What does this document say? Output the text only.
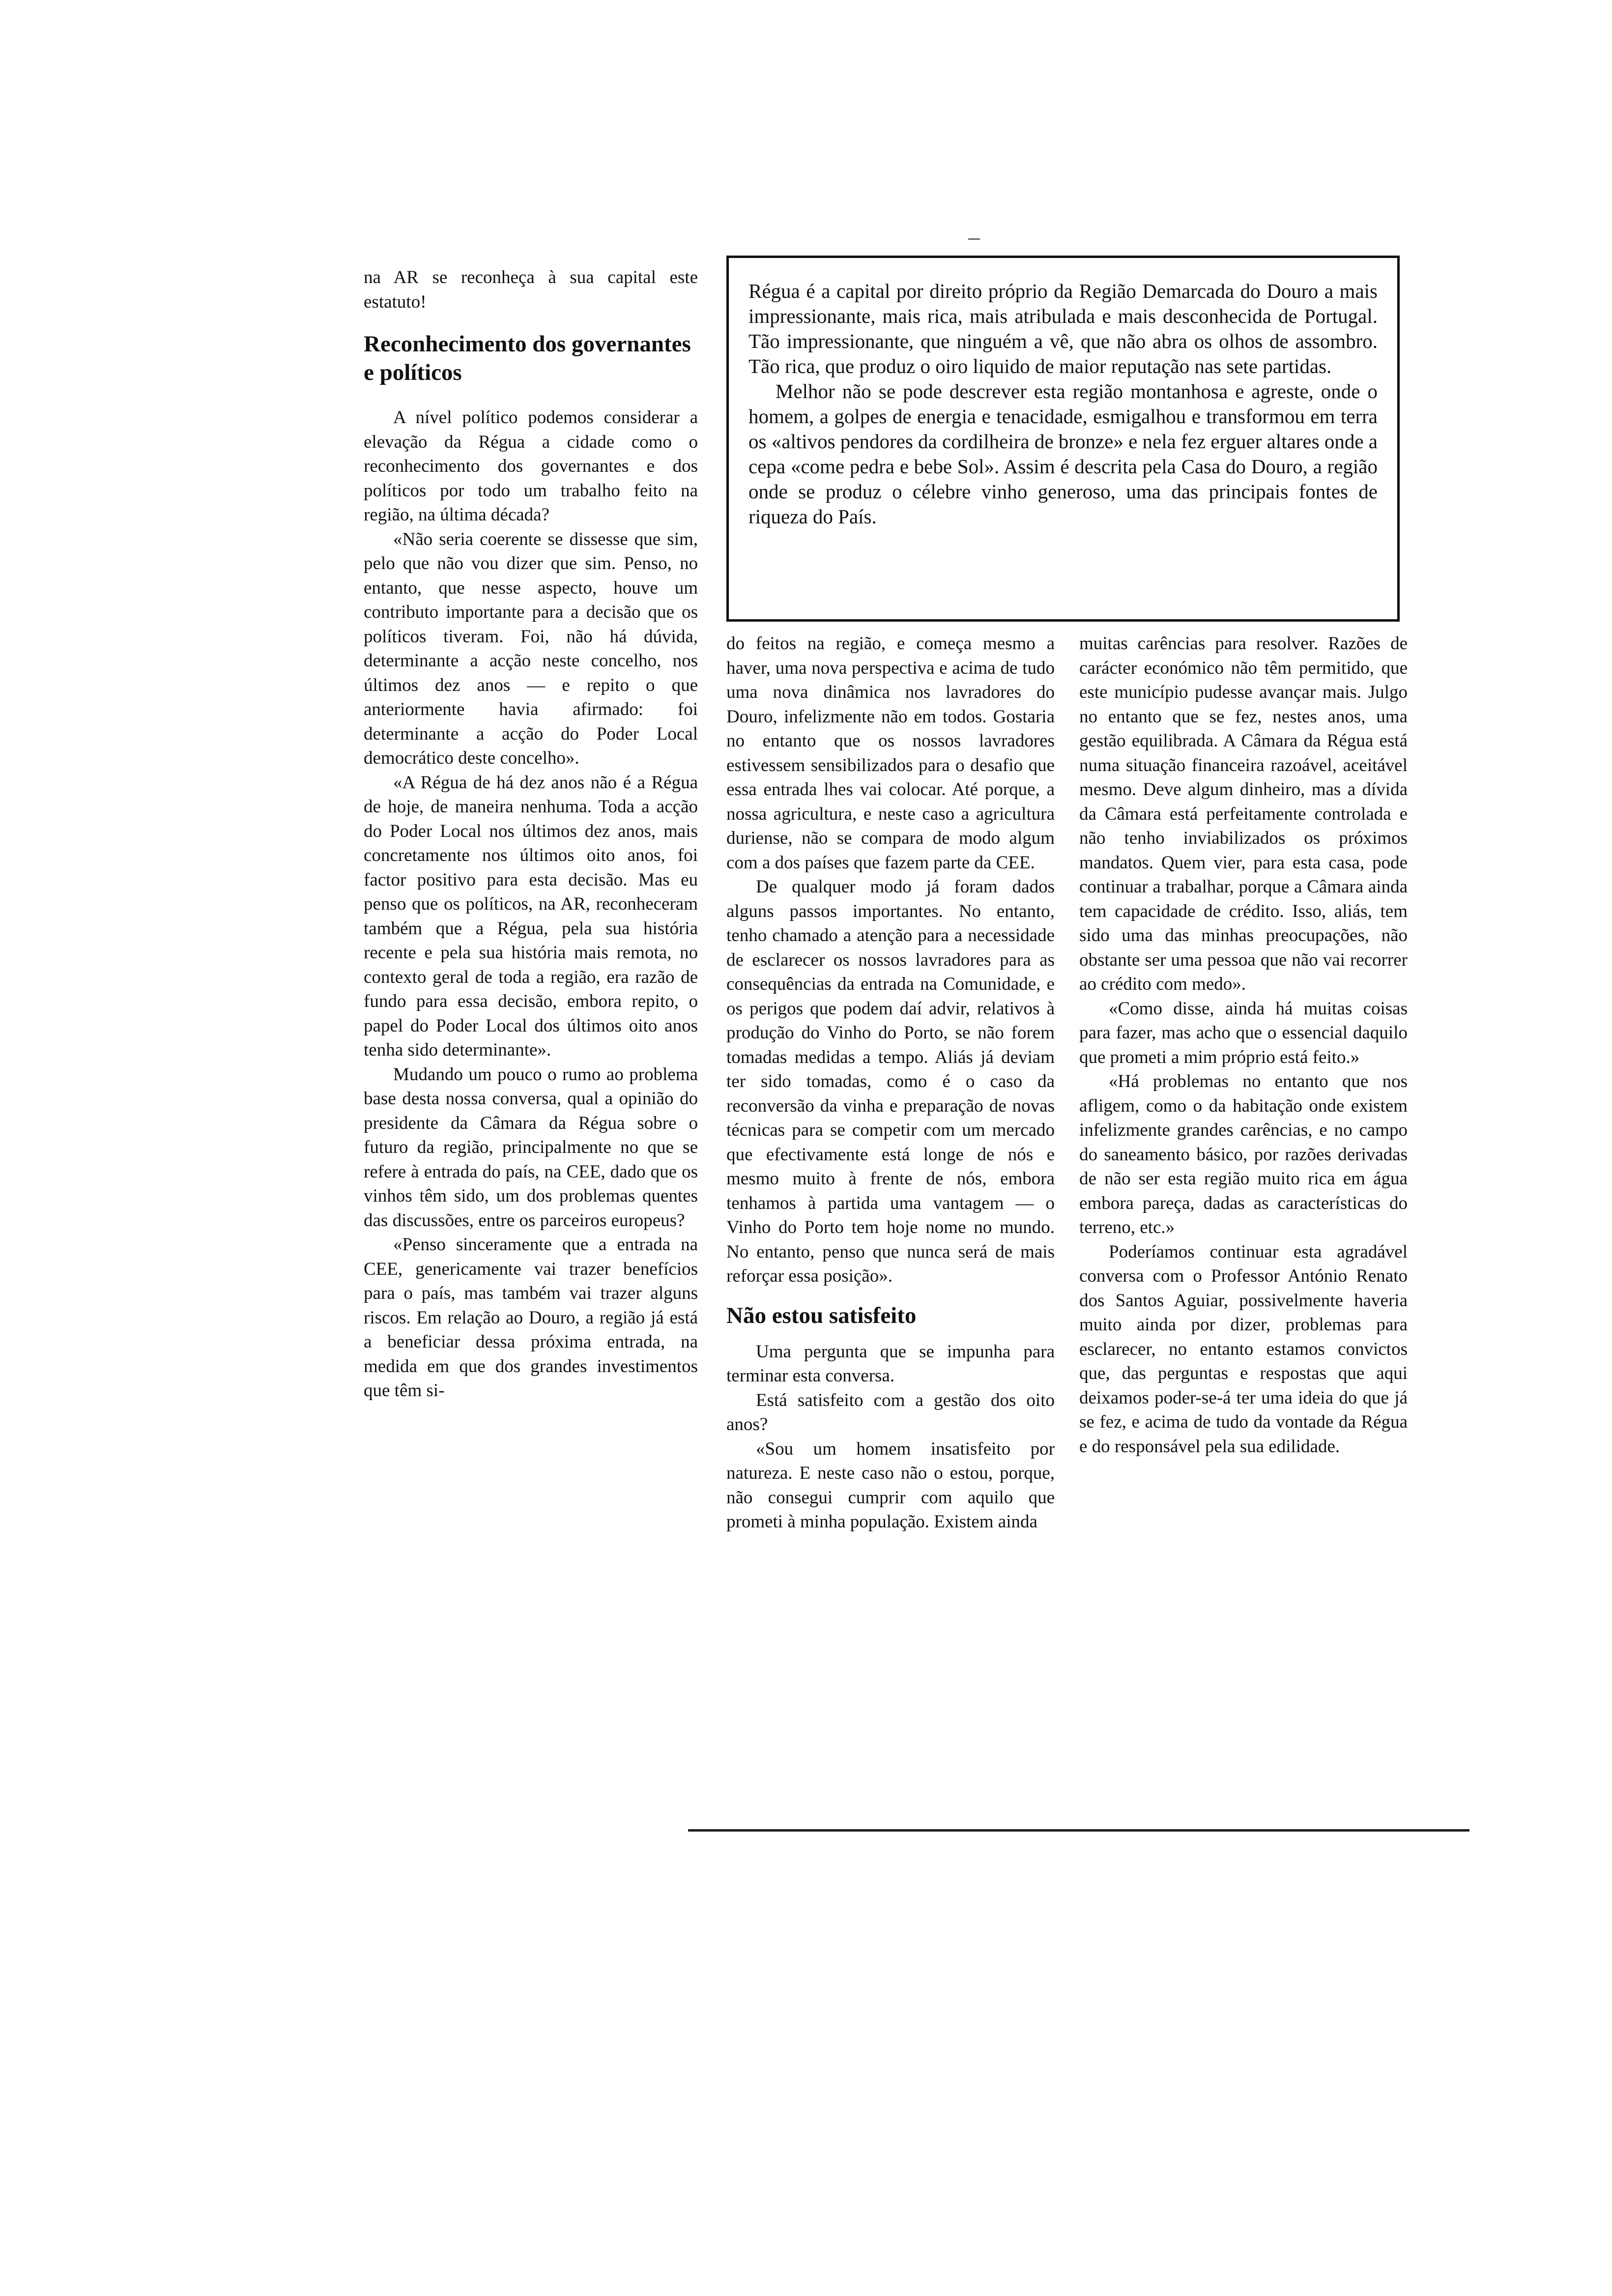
Régua é a capital por direito próprio da Região Demarcada do Douro a mais impressionante, mais rica, mais atribulada e mais desconhecida de Portugal. Tão impressionante, que ninguém a vê, que não abra os olhos de assombro. Tão rica, que produz o oiro liquido de maior reputação nas sete partidas.

Melhor não se pode descrever esta região montanhosa e agreste, onde o homem, a golpes de energia e tenacidade, esmigalhou e transformou em terra os «altivos pendores da cordilheira de bronze» e nela fez erguer altares onde a cepa «come pedra e bebe Sol». Assim é descrita pela Casa do Douro, a região onde se produz o célebre vinho generoso, uma das principais fontes de riqueza do País.

na AR se reconheça à sua capital este estatuto!

Reconhecimento dos governantes e políticos

A nível político podemos considerar a elevação da Régua a cidade como o reconhecimento dos governantes e dos políticos por todo um trabalho feito na região, na última década?

«Não seria coerente se dissesse que sim, pelo que não vou dizer que sim. Penso, no entanto, que nesse aspecto, houve um contributo importante para a decisão que os políticos tiveram. Foi, não há dúvida, determinante a acção neste concelho, nos últimos dez anos — e repito o que anteriormente havia afirmado: foi determinante a acção do Poder Local democrático deste concelho».

«A Régua de há dez anos não é a Régua de hoje, de maneira nenhuma. Toda a acção do Poder Local nos últimos dez anos, mais concretamente nos últimos oito anos, foi factor positivo para esta decisão. Mas eu penso que os políticos, na AR, reconheceram também que a Régua, pela sua história recente e pela sua história mais remota, no contexto geral de toda a região, era razão de fundo para essa decisão, embora repito, o papel do Poder Local dos últimos oito anos tenha sido determinante».

Mudando um pouco o rumo ao problema base desta nossa conversa, qual a opinião do presidente da Câmara da Régua sobre o futuro da região, principalmente no que se refere à entrada do país, na CEE, dado que os vinhos têm sido, um dos problemas quentes das discussões, entre os parceiros europeus?

«Penso sinceramente que a entrada na CEE, genericamente vai trazer benefícios para o país, mas também vai trazer alguns riscos. Em relação ao Douro, a região já está a beneficiar dessa próxima entrada, na medida em que dos grandes investimentos que têm si-

do feitos na região, e começa mesmo a haver, uma nova perspectiva e acima de tudo uma nova dinâmica nos lavradores do Douro, infelizmente não em todos. Gostaria no entanto que os nossos lavradores estivessem sensibilizados para o desafio que essa entrada lhes vai colocar. Até porque, a nossa agricultura, e neste caso a agricultura duriense, não se compara de modo algum com a dos países que fazem parte da CEE.

De qualquer modo já foram dados alguns passos importantes. No entanto, tenho chamado a atenção para a necessidade de esclarecer os nossos lavradores para as consequências da entrada na Comunidade, e os perigos que podem daí advir, relativos à produção do Vinho do Porto, se não forem tomadas medidas a tempo. Aliás já deviam ter sido tomadas, como é o caso da reconversão da vinha e preparação de novas técnicas para se competir com um mercado que efectivamente está longe de nós e mesmo muito à frente de nós, embora tenhamos à partida uma vantagem — o Vinho do Porto tem hoje nome no mundo. No entanto, penso que nunca será de mais reforçar essa posição».

Não estou satisfeito

Uma pergunta que se impunha para terminar esta conversa.

Está satisfeito com a gestão dos oito anos?

«Sou um homem insatisfeito por natureza. E neste caso não o estou, porque, não consegui cumprir com aquilo que prometi à minha população. Existem ainda

muitas carências para resolver. Razões de carácter económico não têm permitido, que este município pudesse avançar mais. Julgo no entanto que se fez, nestes anos, uma gestão equilibrada. A Câmara da Régua está numa situação financeira razoável, aceitável mesmo. Deve algum dinheiro, mas a dívida da Câmara está perfeitamente controlada e não tenho inviabilizados os próximos mandatos. Quem vier, para esta casa, pode continuar a trabalhar, porque a Câmara ainda tem capacidade de crédito. Isso, aliás, tem sido uma das minhas preocupações, não obstante ser uma pessoa que não vai recorrer ao crédito com medo».

«Como disse, ainda há muitas coisas para fazer, mas acho que o essencial daquilo que prometi a mim próprio está feito.»

«Há problemas no entanto que nos afligem, como o da habitação onde existem infelizmente grandes carências, e no campo do saneamento básico, por razões derivadas de não ser esta região muito rica em água embora pareça, dadas as características do terreno, etc.»

Poderíamos continuar esta agradável conversa com o Professor António Renato dos Santos Aguiar, possivelmente haveria muito ainda por dizer, problemas para esclarecer, no entanto estamos convictos que, das perguntas e respostas que aqui deixamos poder-se-á ter uma ideia do que já se fez, e acima de tudo da vontade da Régua e do responsável pela sua edilidade.
